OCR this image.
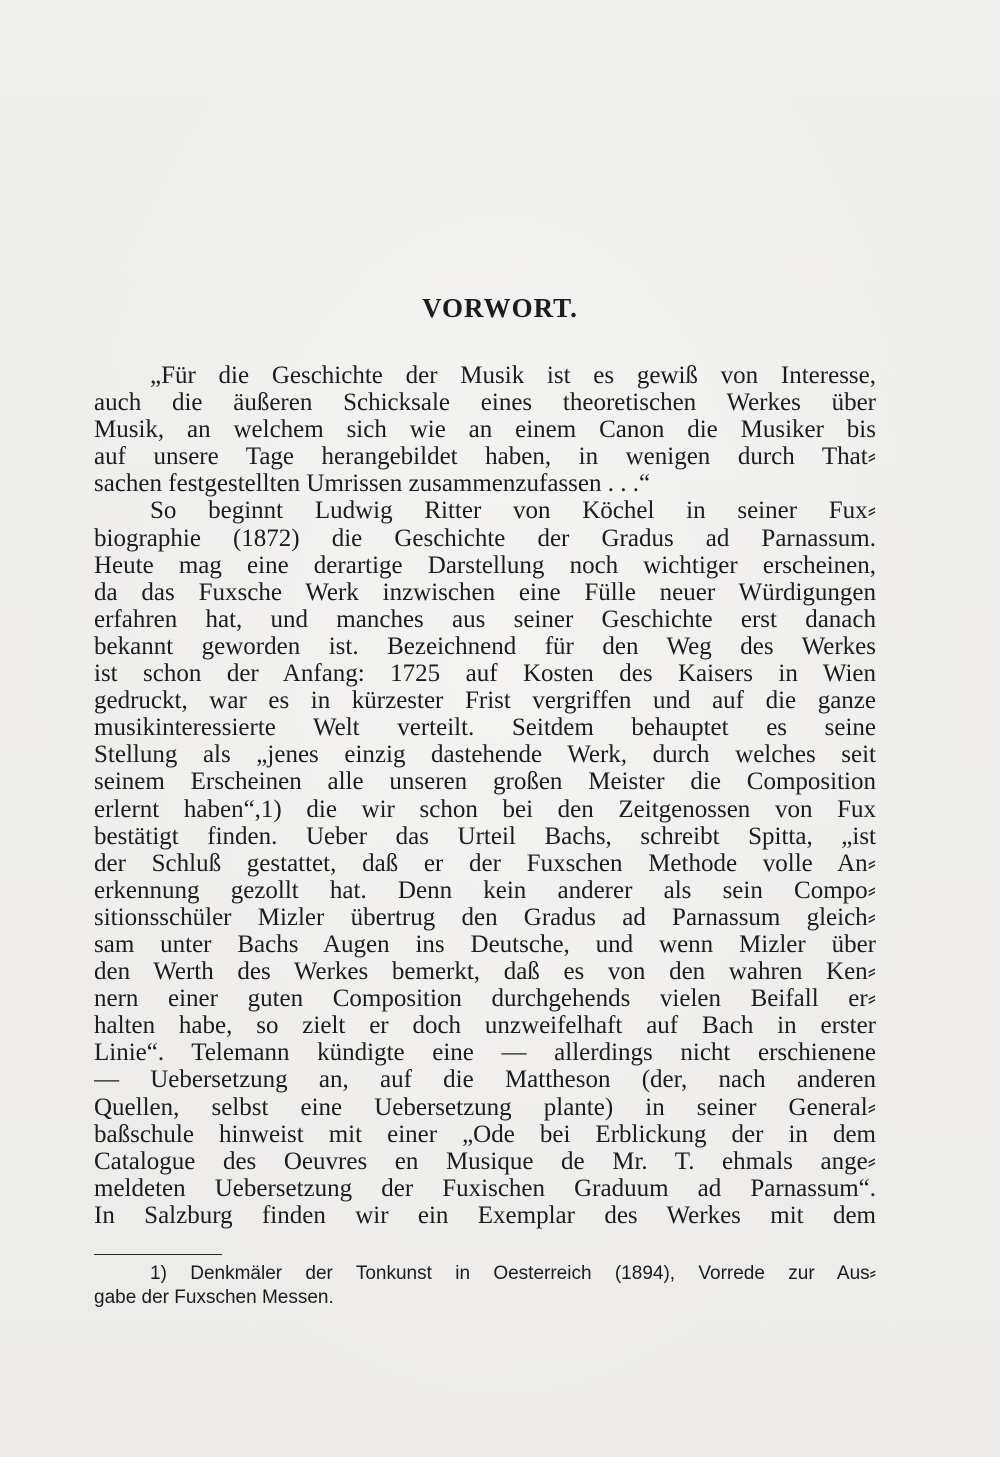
VORWORT.
„Für die Geschichte der Musik ist es gewiß von Interesse,
auch die äußeren Schicksale eines theoretischen Werkes über
Musik, an welchem sich wie an einem Canon die Musiker bis
auf unsere Tage herangebildet haben, in wenigen durch That⸗
sachen festgestellten Umrissen zusammenzufassen . . .“
So beginnt Ludwig Ritter von Köchel in seiner Fux⸗
biographie (1872) die Geschichte der Gradus ad Parnassum.
Heute mag eine derartige Darstellung noch wichtiger erscheinen,
da das Fuxsche Werk inzwischen eine Fülle neuer Würdigungen
erfahren hat, und manches aus seiner Geschichte erst danach
bekannt geworden ist. Bezeichnend für den Weg des Werkes
ist schon der Anfang: 1725 auf Kosten des Kaisers in Wien
gedruckt, war es in kürzester Frist vergriffen und auf die ganze
musikinteressierte Welt verteilt. Seitdem behauptet es seine
Stellung als „jenes einzig dastehende Werk, durch welches seit
seinem Erscheinen alle unseren großen Meister die Composition
erlernt haben“,1) die wir schon bei den Zeitgenossen von Fux
bestätigt finden. Ueber das Urteil Bachs, schreibt Spitta, „ist
der Schluß gestattet, daß er der Fuxschen Methode volle An⸗
erkennung gezollt hat. Denn kein anderer als sein Compo⸗
sitionsschüler Mizler übertrug den Gradus ad Parnassum gleich⸗
sam unter Bachs Augen ins Deutsche, und wenn Mizler über
den Werth des Werkes bemerkt, daß es von den wahren Ken⸗
nern einer guten Composition durchgehends vielen Beifall er⸗
halten habe, so zielt er doch unzweifelhaft auf Bach in erster
Linie“. Telemann kündigte eine — allerdings nicht erschienene
— Uebersetzung an, auf die Mattheson (der, nach anderen
Quellen, selbst eine Uebersetzung plante) in seiner General⸗
baßschule hinweist mit einer „Ode bei Erblickung der in dem
Catalogue des Oeuvres en Musique de Mr. T. ehmals ange⸗
meldeten Uebersetzung der Fuxischen Graduum ad Parnassum“.
In Salzburg finden wir ein Exemplar des Werkes mit dem
1) Denkmäler der Tonkunst in Oesterreich (1894), Vorrede zur Aus⸗
gabe der Fuxschen Messen.
